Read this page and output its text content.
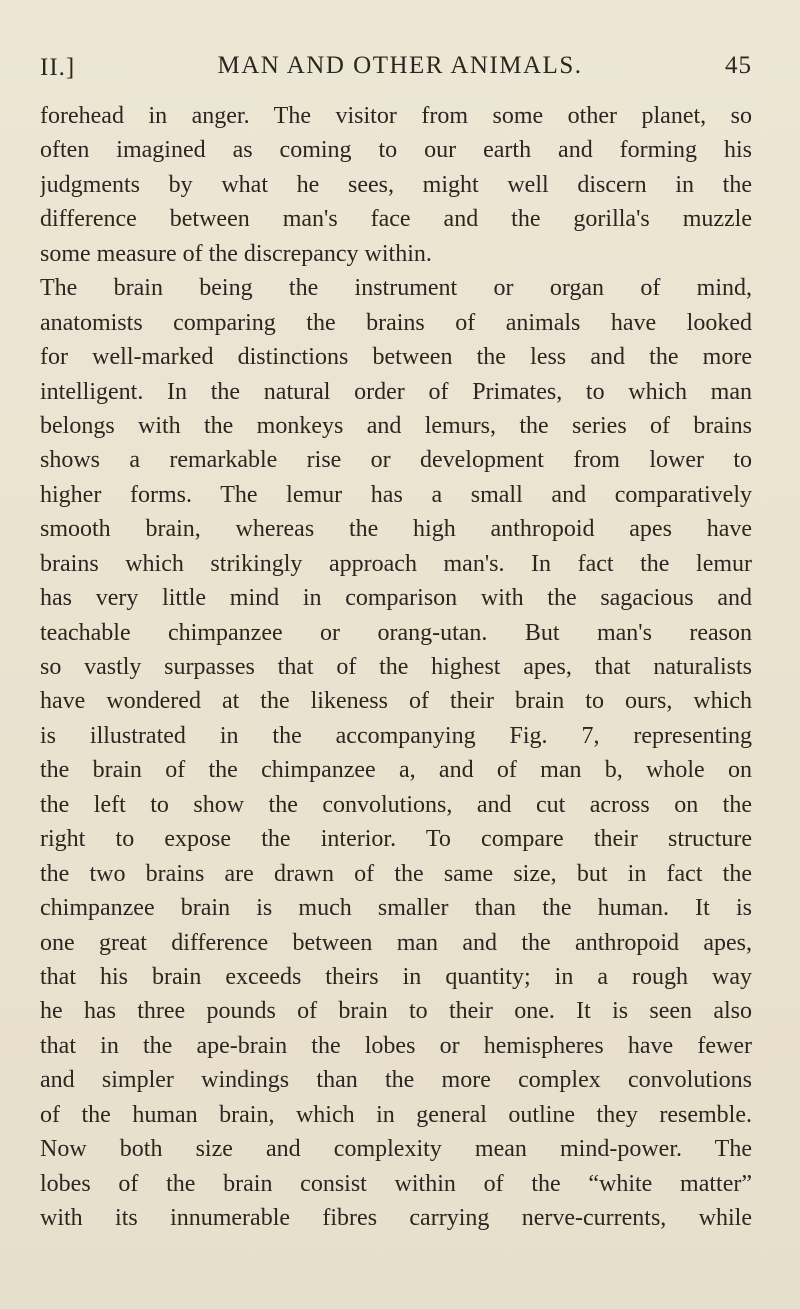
II.]	MAN AND OTHER ANIMALS.	45
forehead in anger. The visitor from some other planet, so
often imagined as coming to our earth and forming his
judgments by what he sees, might well discern in the
difference between man's face and the gorilla's muzzle
some measure of the discrepancy within.
The brain being the instrument or organ of mind,
anatomists comparing the brains of animals have looked
for well-marked distinctions between the less and the more
intelligent. In the natural order of Primates, to which man
belongs with the monkeys and lemurs, the series of brains
shows a remarkable rise or development from lower to
higher forms. The lemur has a small and comparatively
smooth brain, whereas the high anthropoid apes have
brains which strikingly approach man's. In fact the lemur
has very little mind in comparison with the sagacious and
teachable chimpanzee or orang-utan. But man's reason
so vastly surpasses that of the highest apes, that naturalists
have wondered at the likeness of their brain to ours, which
is illustrated in the accompanying Fig. 7, representing
the brain of the chimpanzee a, and of man b, whole on
the left to show the convolutions, and cut across on the
right to expose the interior. To compare their structure
the two brains are drawn of the same size, but in fact the
chimpanzee brain is much smaller than the human. It is
one great difference between man and the anthropoid apes,
that his brain exceeds theirs in quantity; in a rough way
he has three pounds of brain to their one. It is seen also
that in the ape-brain the lobes or hemispheres have fewer
and simpler windings than the more complex convolutions
of the human brain, which in general outline they resemble.
Now both size and complexity mean mind-power. The
lobes of the brain consist within of the “white matter”
with its innumerable fibres carrying nerve-currents, while
